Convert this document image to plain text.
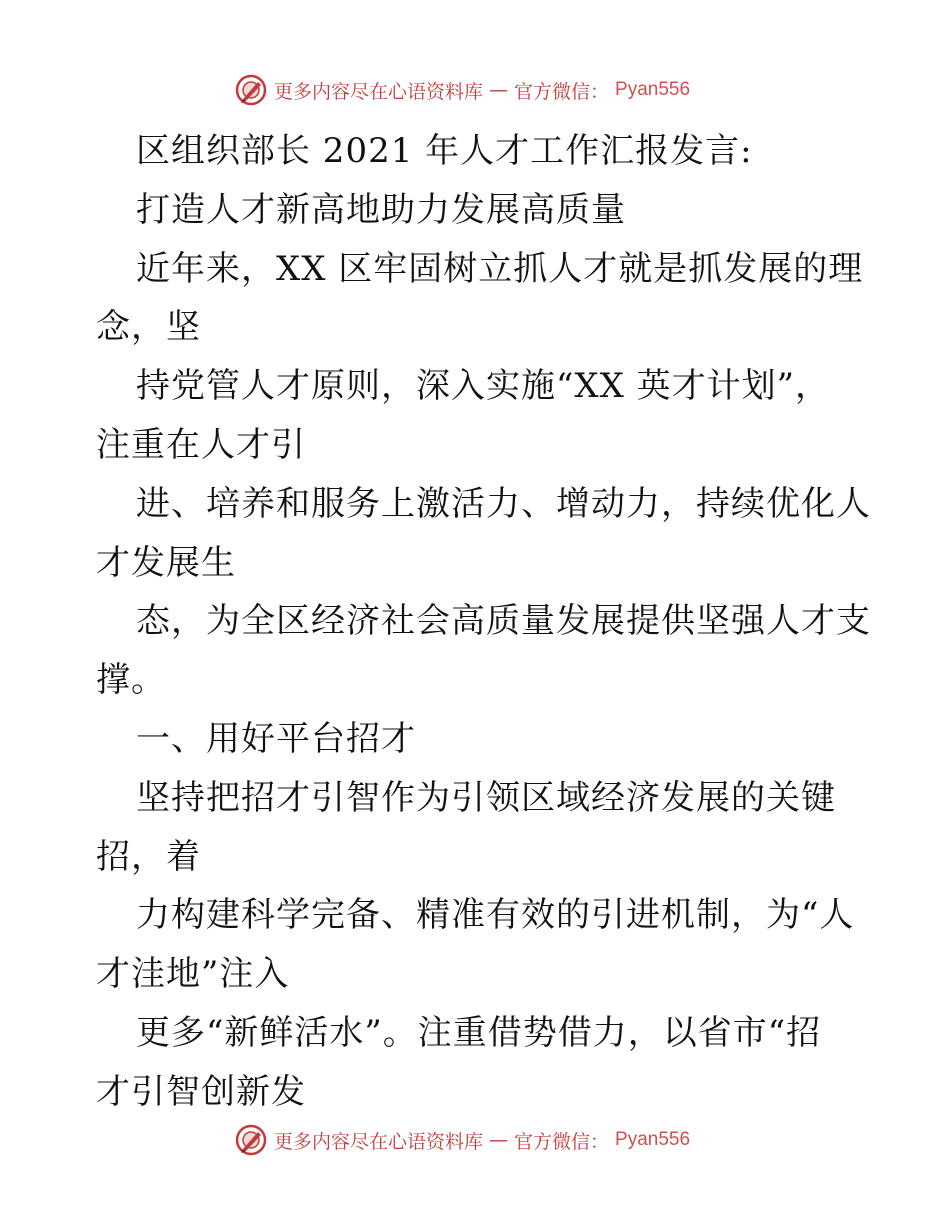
更多内容尽在心语资料库 — 官方微信： Pyan556
区组织部长 2021 年人才工作汇报发言:
打造人才新高地助力发展高质量
近年来，XX 区牢固树立抓人才就是抓发展的理
念，坚
持党管人才原则，深入实施“XX 英才计划”，
注重在人才引
进、培养和服务上激活力、增动力，持续优化人
才发展生
态，为全区经济社会高质量发展提供坚强人才支
撑。
一、用好平台招才
坚持把招才引智作为引领区域经济发展的关键
招，着
力构建科学完备、精准有效的引进机制，为“人
才洼地”注入
更多“新鲜活水”。注重借势借力，以省市“招
才引智创新发
更多内容尽在心语资料库 — 官方微信： Pyan556
